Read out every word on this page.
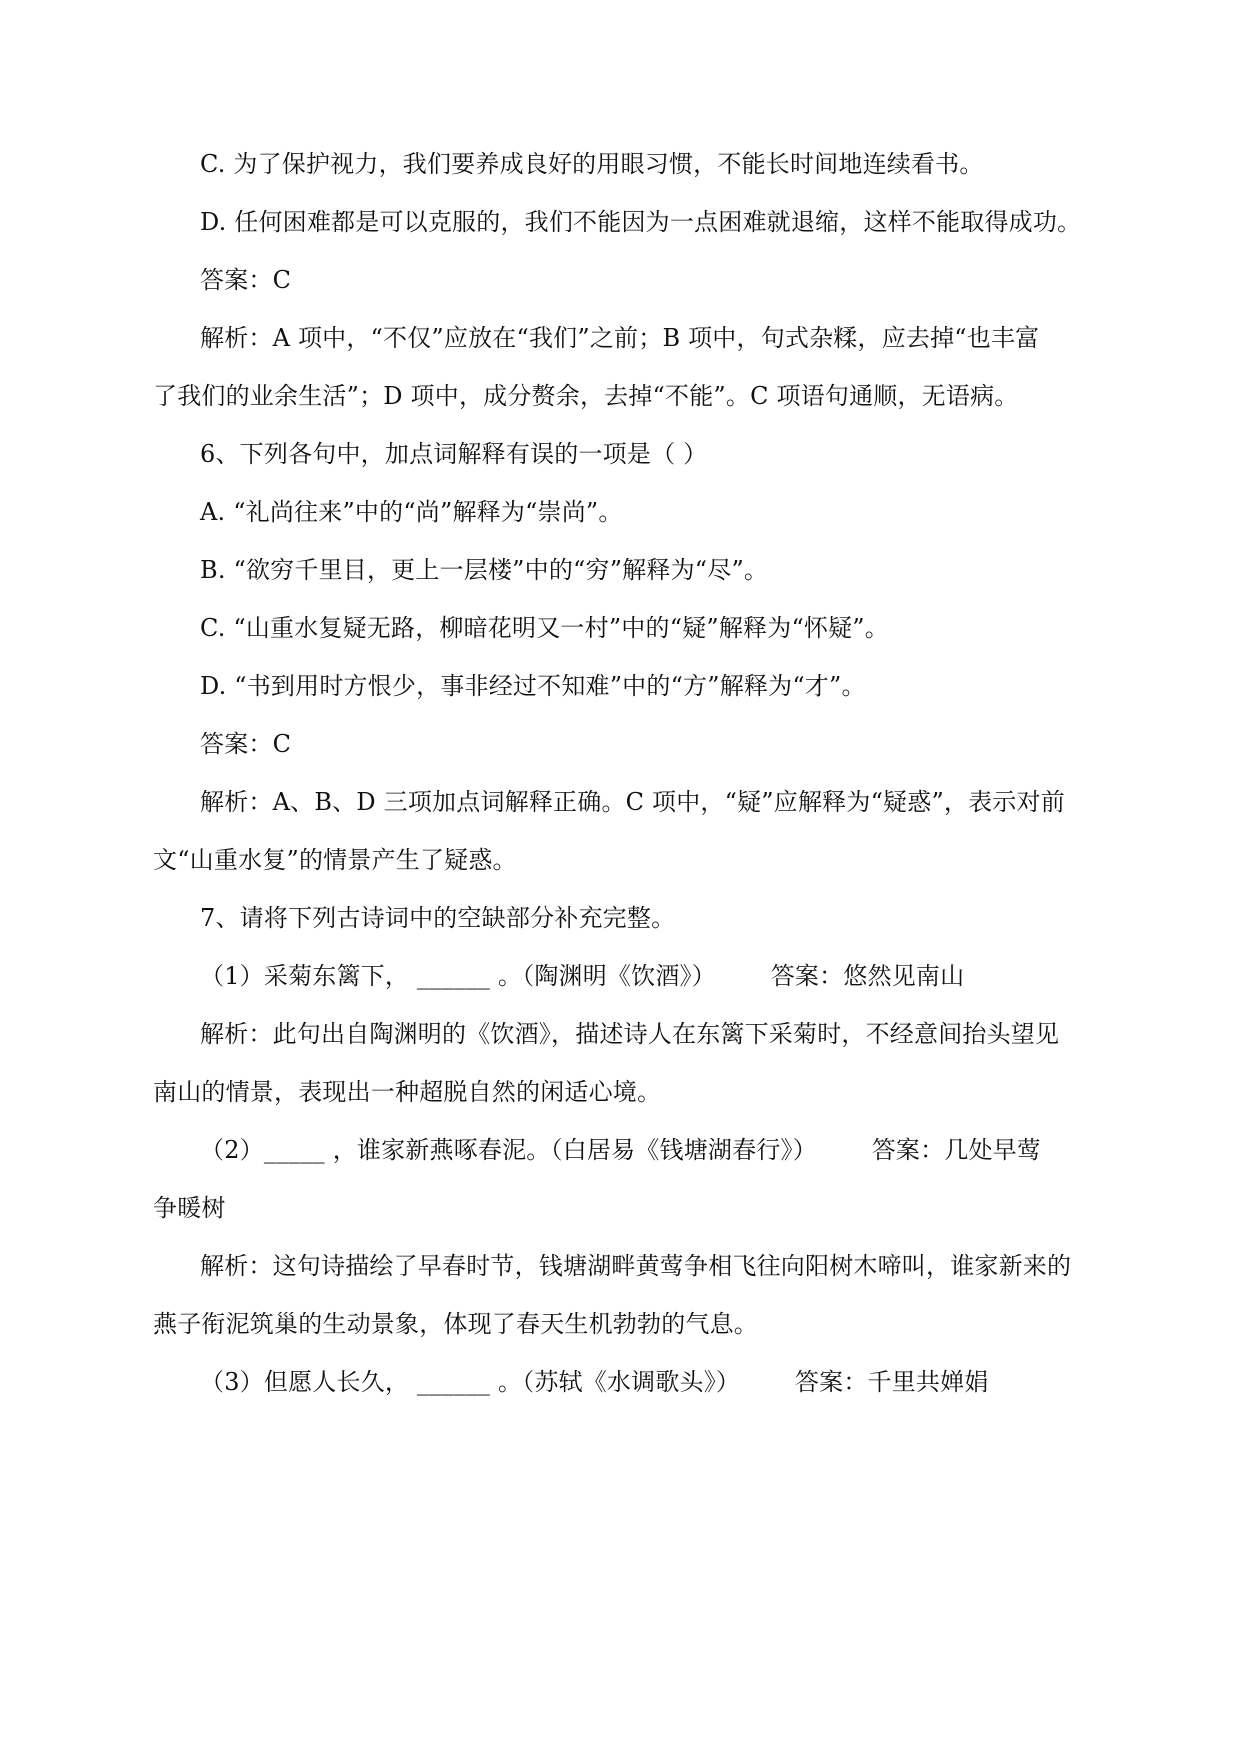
C. 为了保护视力，我们要养成良好的用眼习惯，不能长时间地连续看书。
D. 任何困难都是可以克服的，我们不能因为一点困难就退缩，这样不能取得成功。
答案：C
解析：A 项中，“不仅”应放在“我们”之前；B 项中，句式杂糅，应去掉“也丰富
了我们的业余生活”；D 项中，成分赘余，去掉“不能”。C 项语句通顺，无语病。
6、下列各句中，加点词解释有误的一项是（ ）
A. “礼尚往来”中的“尚”解释为“崇尚”。
B. “欲穷千里目，更上一层楼”中的“穷”解释为“尽”。
C. “山重水复疑无路，柳暗花明又一村”中的“疑”解释为“怀疑”。
D. “书到用时方恨少，事非经过不知难”中的“方”解释为“才”。
答案：C
解析：A、B、D 三项加点词解释正确。C 项中，“疑”应解释为“疑惑”，表示对前
文“山重水复”的情景产生了疑惑。
7、请将下列古诗词中的空缺部分补充完整。
（1）采菊东篱下， ______ 。（陶渊明《饮酒》）       答案：悠然见南山
解析：此句出自陶渊明的《饮酒》，描述诗人在东篱下采菊时，不经意间抬头望见
南山的情景，表现出一种超脱自然的闲适心境。
（2）_____ ，谁家新燕啄春泥。（白居易《钱塘湖春行》）       答案：几处早莺
争暖树
解析：这句诗描绘了早春时节，钱塘湖畔黄莺争相飞往向阳树木啼叫，谁家新来的
燕子衔泥筑巢的生动景象，体现了春天生机勃勃的气息。
（3）但愿人长久， ______ 。（苏轼《水调歌头》）       答案：千里共婵娟
